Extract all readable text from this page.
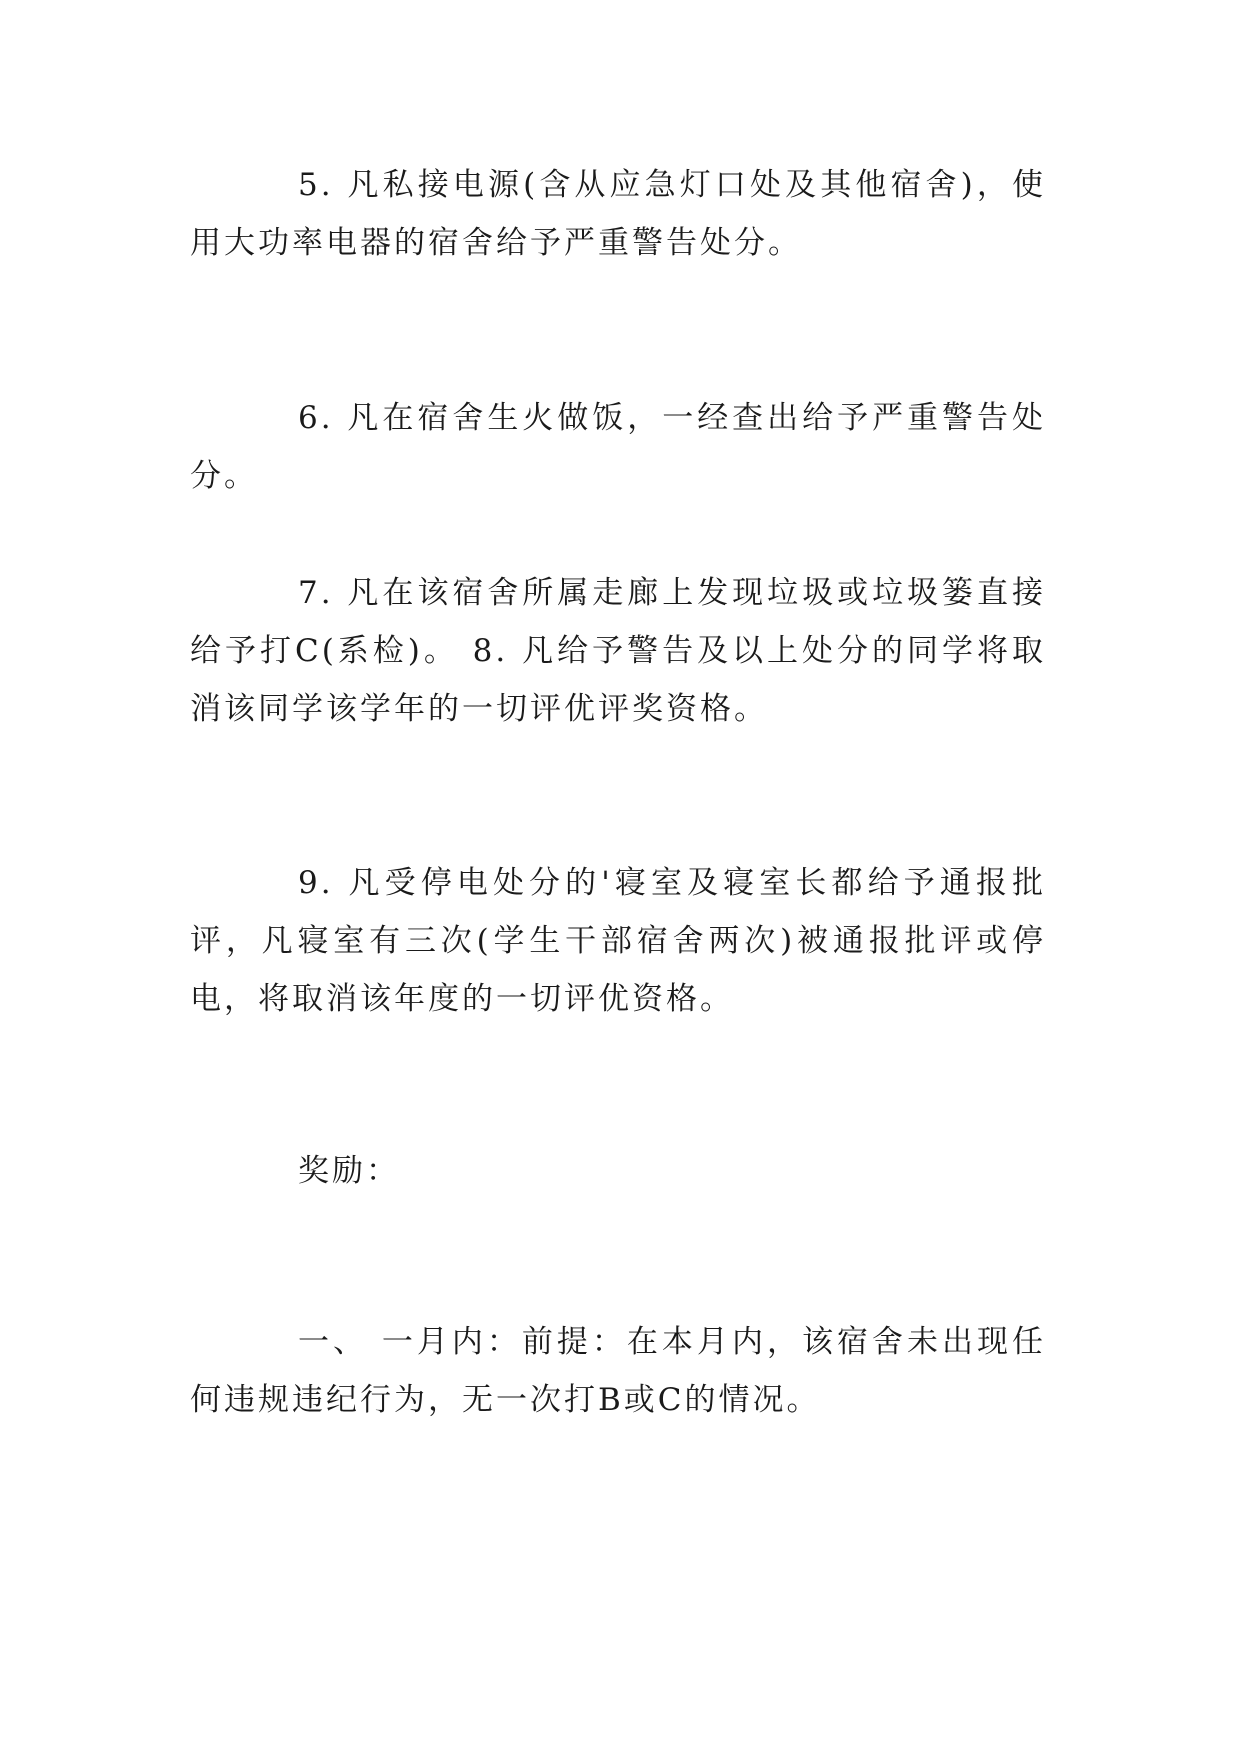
5. 凡私接电源(含从应急灯口处及其他宿舍)，使用大功率电器的宿舍给予严重警告处分。

6. 凡在宿舍生火做饭，一经查出给予严重警告处分。

7. 凡在该宿舍所属走廊上发现垃圾或垃圾篓直接给予打C(系检)。 8. 凡给予警告及以上处分的同学将取消该同学该学年的一切评优评奖资格。

9. 凡受停电处分的'寝室及寝室长都给予通报批评，凡寝室有三次(学生干部宿舍两次)被通报批评或停电，将取消该年度的一切评优资格。

奖励：

一、 一月内：前提：在本月内，该宿舍未出现任何违规违纪行为，无一次打B或C的情况。
